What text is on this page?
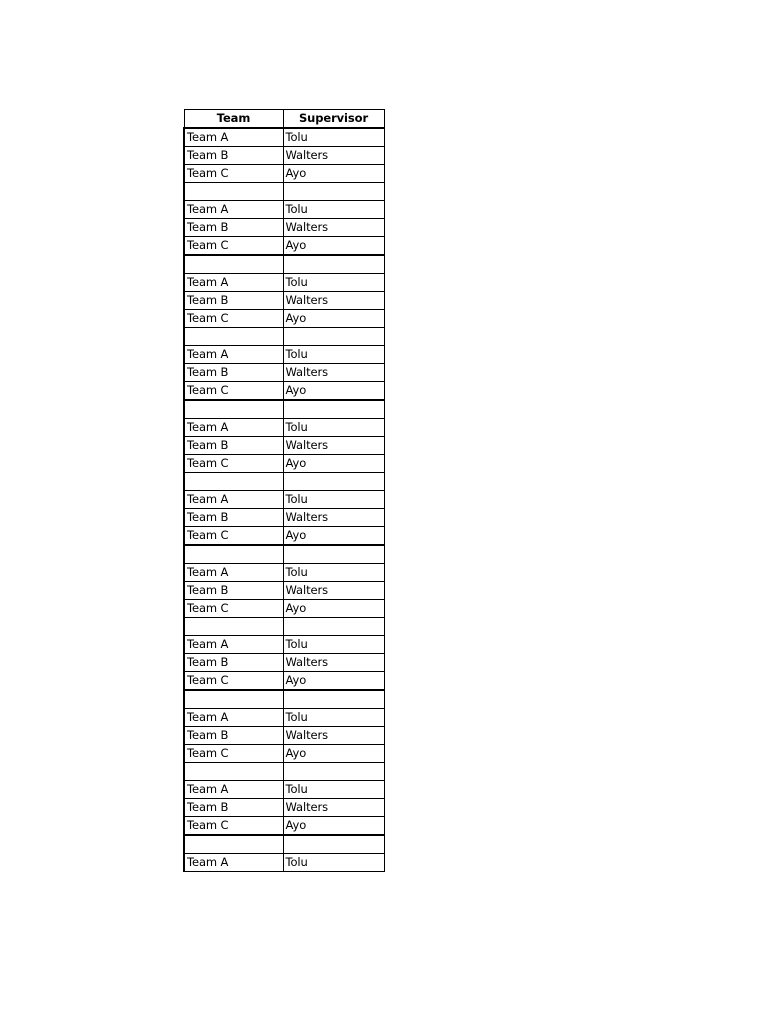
Team	Supervisor
Team A	Tolu
Team B	Walters
Team C	Ayo

Team A	Tolu
Team B	Walters
Team C	Ayo

Team A	Tolu
Team B	Walters
Team C	Ayo

Team A	Tolu
Team B	Walters
Team C	Ayo

Team A	Tolu
Team B	Walters
Team C	Ayo

Team A	Tolu
Team B	Walters
Team C	Ayo

Team A	Tolu
Team B	Walters
Team C	Ayo

Team A	Tolu
Team B	Walters
Team C	Ayo

Team A	Tolu
Team B	Walters
Team C	Ayo

Team A	Tolu
Team B	Walters
Team C	Ayo

Team A	Tolu
